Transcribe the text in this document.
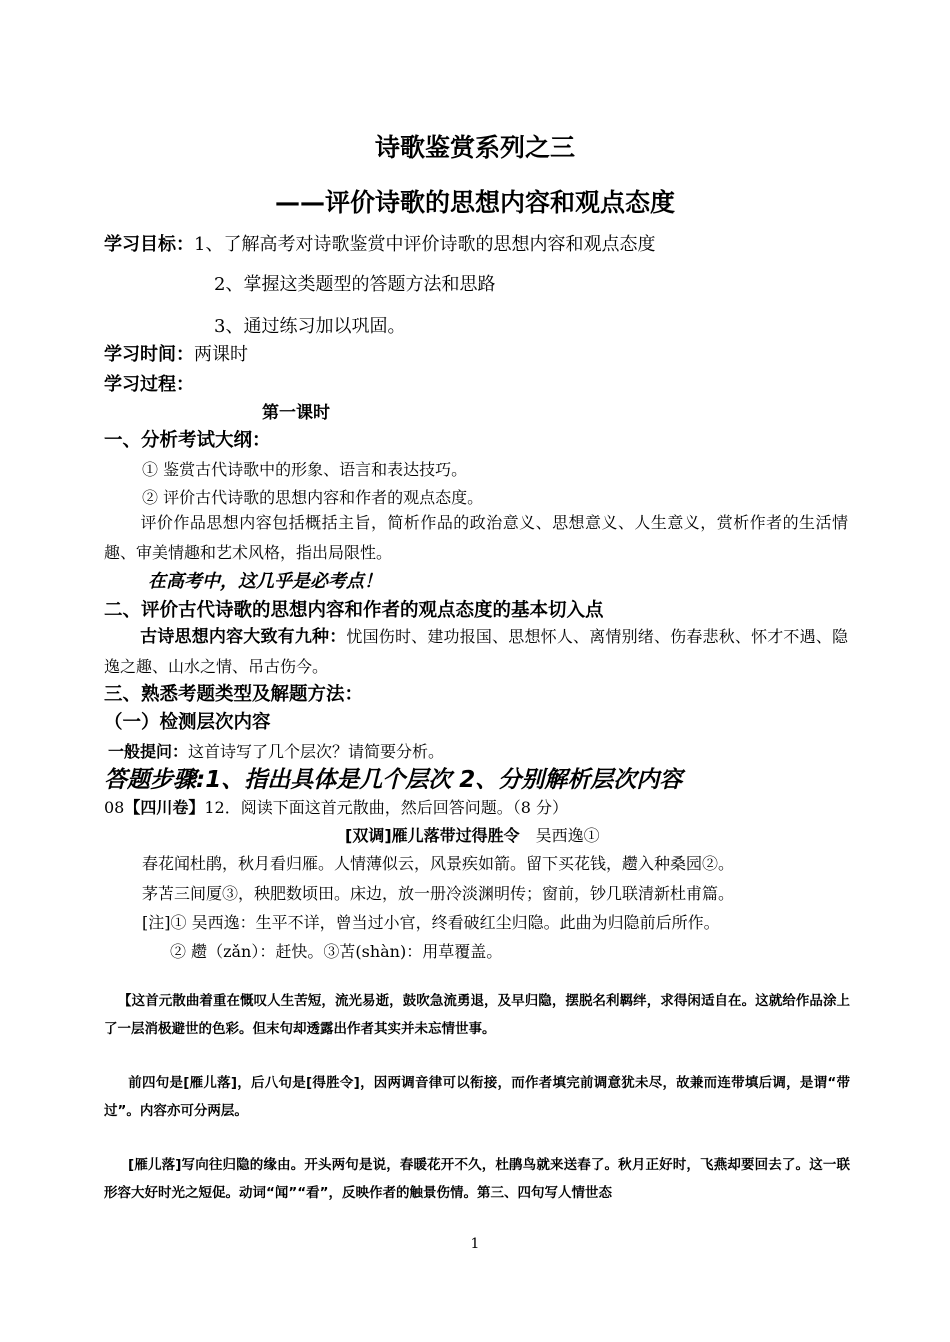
诗歌鉴赏系列之三
——评价诗歌的思想内容和观点态度
学习目标：1、了解高考对诗歌鉴赏中评价诗歌的思想内容和观点态度
2、掌握这类题型的答题方法和思路
3、通过练习加以巩固。
学习时间：两课时
学习过程：
第一课时
一、分析考试大纲：
① 鉴赏古代诗歌中的形象、语言和表达技巧。
② 评价古代诗歌的思想内容和作者的观点态度。
评价作品思想内容包括概括主旨，简析作品的政治意义、思想意义、人生意义，赏析作者的生活情趣、审美情趣和艺术风格，指出局限性。
在高考中，这几乎是必考点！
二、评价古代诗歌的思想内容和作者的观点态度的基本切入点
古诗思想内容大致有九种：忧国伤时、建功报国、思想怀人、离情别绪、伤春悲秋、怀才不遇、隐逸之趣、山水之情、吊古伤今。
三、熟悉考题类型及解题方法：
（一）检测层次内容
一般提问：这首诗写了几个层次？请简要分析。
答题步骤:1、指出具体是几个层次 2、分别解析层次内容
08【四川卷】12．阅读下面这首元散曲，然后回答问题。（8 分）
[双调]雁儿落带过得胜令 吴西逸①
春花闻杜鹃，秋月看归雁。人情薄似云，风景疾如箭。留下买花钱，趱入种桑园②。
茅苫三间厦③，秧肥数顷田。床边，放一册冷淡渊明传；窗前，钞几联清新杜甫篇。
[注]① 吴西逸：生平不详，曾当过小官，终看破红尘归隐。此曲为归隐前后所作。
② 趱（zǎn）：赶快。③苫(shàn)：用草覆盖。
【这首元散曲着重在慨叹人生苦短，流光易逝，鼓吹急流勇退，及早归隐，摆脱名利羁绊，求得闲适自在。这就给作品涂上了一层消极避世的色彩。但末句却透露出作者其实并未忘情世事。
前四句是[雁儿落]，后八句是[得胜令]，因两调音律可以衔接，而作者填完前调意犹未尽，故兼而连带填后调，是谓“带过”。内容亦可分两层。
[雁儿落]写向往归隐的缘由。开头两句是说，春暖花开不久，杜鹃鸟就来送春了。秋月正好时，飞燕却要回去了。这一联形容大好时光之短促。动词“闻”“看”，反映作者的触景伤情。第三、四句写人情世态
1
